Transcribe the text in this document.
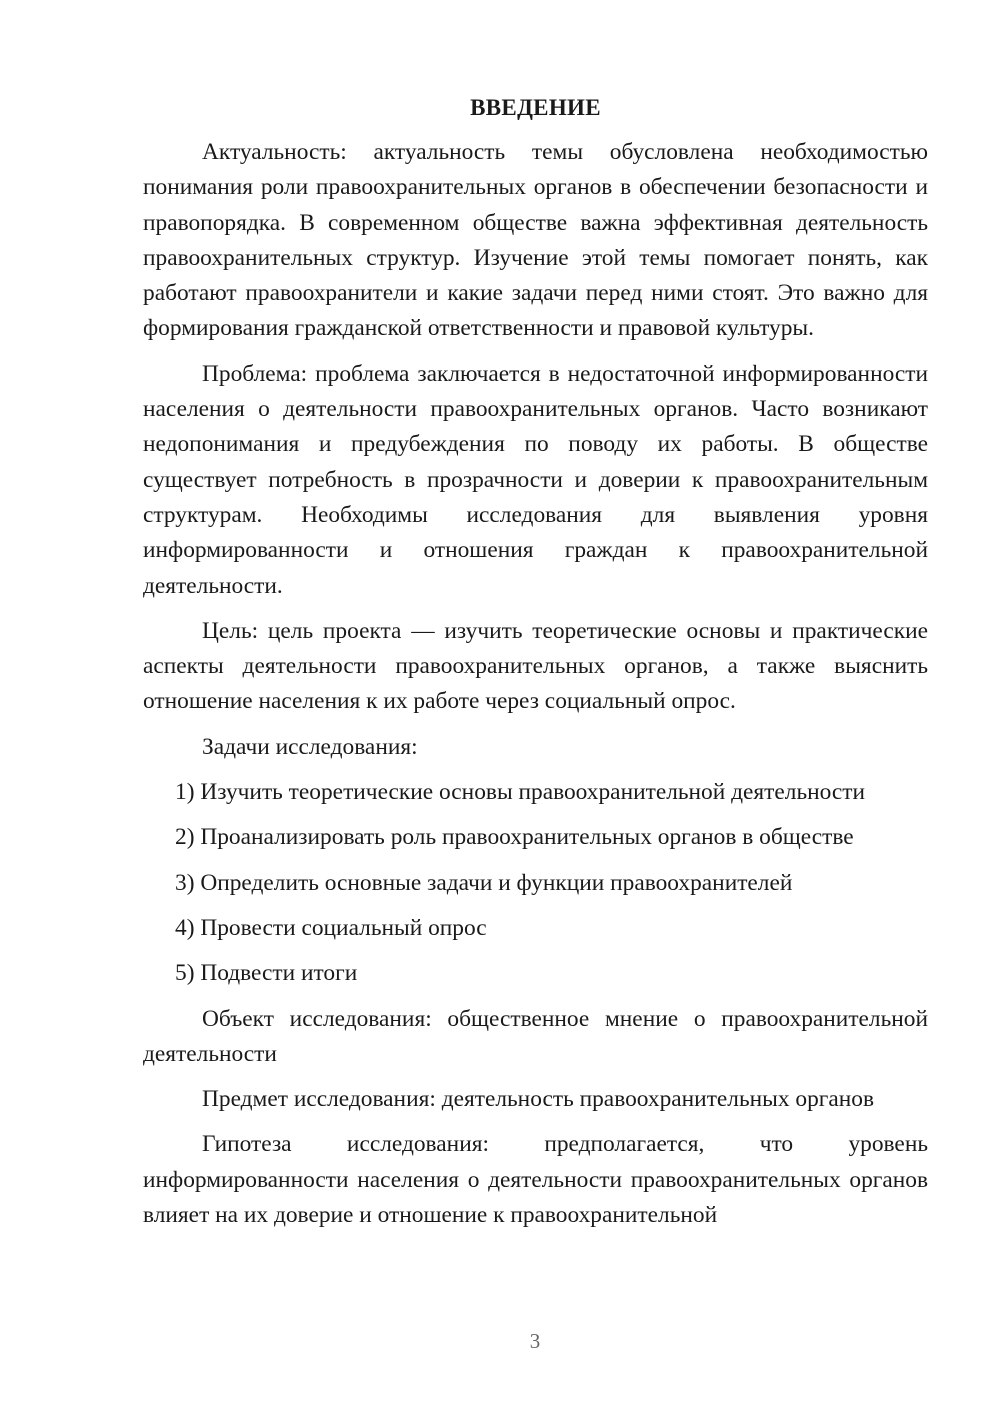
ВВЕДЕНИЕ

Актуальность: актуальность темы обусловлена необходимостью понимания роли правоохранительных органов в обеспечении безопасности и правопорядка. В современном обществе важна эффективная деятельность правоохранительных структур. Изучение этой темы помогает понять, как работают правоохранители и какие задачи перед ними стоят. Это важно для формирования гражданской ответственности и правовой культуры.

Проблема: проблема заключается в недостаточной информированности населения о деятельности правоохранительных органов. Часто возникают недопонимания и предубеждения по поводу их работы. В обществе существует потребность в прозрачности и доверии к правоохранительным структурам. Необходимы исследования для выявления уровня информированности и отношения граждан к правоохранительной деятельности.

Цель: цель проекта — изучить теоретические основы и практические аспекты деятельности правоохранительных органов, а также выяснить отношение населения к их работе через социальный опрос.

Задачи исследования:

1) Изучить теоретические основы правоохранительной деятельности
2) Проанализировать роль правоохранительных органов в обществе
3) Определить основные задачи и функции правоохранителей
4) Провести социальный опрос
5) Подвести итоги

Объект исследования: общественное мнение о правоохранительной деятельности

Предмет исследования: деятельность правоохранительных органов

Гипотеза исследования: предполагается, что уровень информированности населения о деятельности правоохранительных органов влияет на их доверие и отношение к правоохранительной

3
